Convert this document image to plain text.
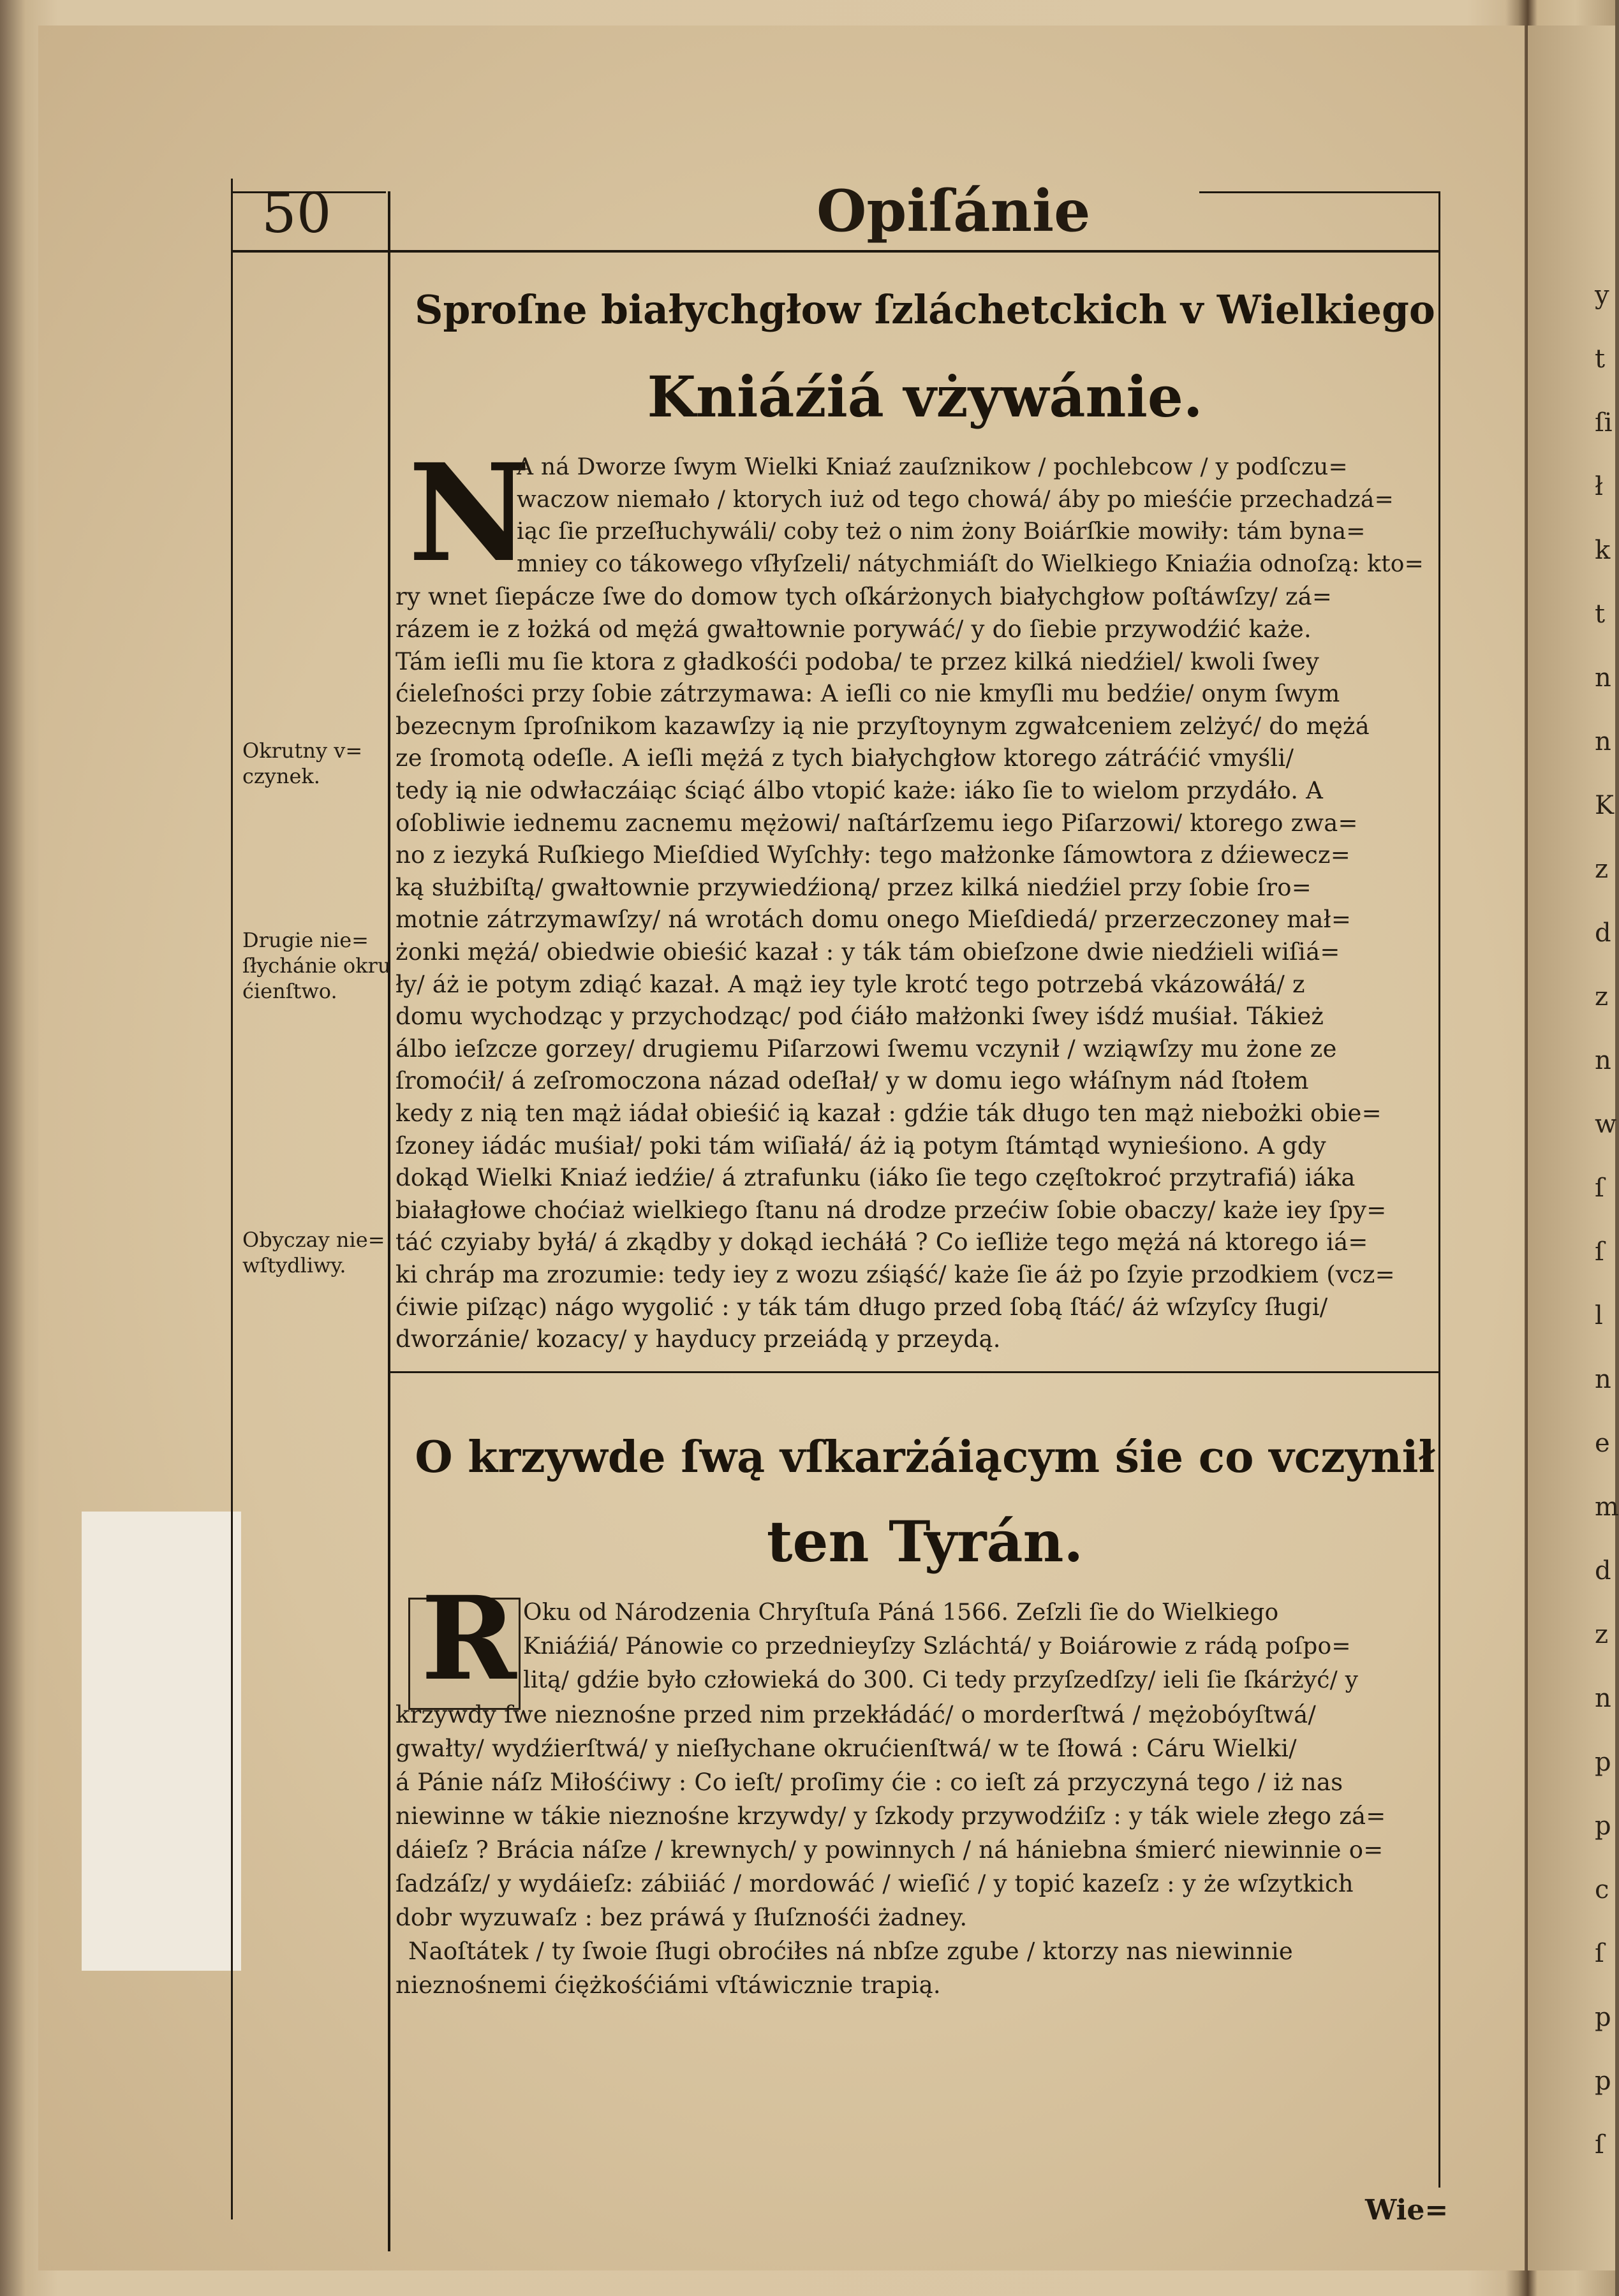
50	Opiſánie
Sproſne białychgłow ſzláchetckich v Wielkiego
Kniáźiá vżywánie.
N
A ná Dworze ſwym Wielki Kniaź zauſznikow / pochlebcow / y podſczu=
waczow niemało / ktorych iuż od tego chowá/ áby po mieśćie przechadzá=
iąc ſie przeſłuchywáli/ coby też o nim żony Boiárſkie mowiły: tám byna=
mniey co tákowego vſłyſzeli/ nátychmiáſt do Wielkiego Kniaźia odnoſzą: kto=
ry wnet ſiepácze ſwe do domow tych oſkárżonych białychgłow poſtáwſzy/ zá=
rázem ie z łożká od mężá gwałtownie porywáć/ y do ſiebie przywodźić każe.
Tám ieſli mu ſie ktora z gładkośći podoba/ te przez kilká niedźiel/ kwoli ſwey
ćieleſności przy ſobie zátrzymawa: A ieſli co nie kmyſli mu bedźie/ onym ſwym
bezecnym ſproſnikom kazawſzy ią nie przyſtoynym zgwałceniem zelżyć/ do mężá
ze ſromotą odeſle. A ieſli mężá z tych białychgłow ktorego zátráćić vmyśli/
tedy ią nie odwłaczáiąc ściąć álbo vtopić każe: iáko ſie to wielom przydáło. A
oſobliwie iednemu zacnemu mężowi/ naſtárſzemu iego Piſarzowi/ ktorego zwa=
no z iezyká Ruſkiego Mieſdied Wyſchły: tego małżonke ſámowtora z dźiewecz=
ką służbiſtą/ gwałtownie przywiedźioną/ przez kilká niedźiel przy ſobie ſro=
motnie zátrzymawſzy/ ná wrotách domu onego Mieſdiedá/ przerzeczoney mał=
żonki mężá/ obiedwie obieśić kazał : y ták tám obieſzone dwie niedźieli wiſiá=
ły/ áż ie potym zdiąć kazał. A mąż iey tyle krotć tego potrzebá vkázowáłá/ z
domu wychodząc y przychodząc/ pod ćiáło małżonki ſwey iśdź muśiał. Tákież
álbo ieſzcze gorzey/ drugiemu Piſarzowi ſwemu vczynił / wziąwſzy mu żone ze
ſromoćił/ á zeſromoczona názad odeſłał/ y w domu iego włáſnym nád ſtołem
kedy z nią ten mąż iádał obieśić ią kazał : gdźie ták długo ten mąż niebożki obie=
ſzoney iádác muśiał/ poki tám wiſiałá/ áż ią potym ſtámtąd wynieśiono. A gdy
dokąd Wielki Kniaź iedźie/ á ztrafunku (iáko ſie tego częſtokroć przytrafiá) iáka
białagłowe choćiaż wielkiego ſtanu ná drodze przećiw ſobie obaczy/ każe iey ſpy=
táć czyiaby byłá/ á zkądby y dokąd iecháłá ? Co ieſliże tego mężá ná ktorego iá=
ki chráp ma zrozumie: tedy iey z wozu zśiąść/ każe ſie áż po ſzyie przodkiem (vcz=
ćiwie piſząc) nágo wygolić : y ták tám długo przed ſobą ſtáć/ áż wſzyſcy ſługi/
dworzánie/ kozacy/ y hayducy przeiádą y przeydą.
Okrutny v=
czynek.
Drugie nie=
ſłychánie okru
ćienſtwo.
Obyczay nie=
wſtydliwy.
O krzywde ſwą vſkarżáiącym śie co vczynił
ten Tyrán.
R Oku od Národzenia Chryſtuſa Páná 1566. Zeſzli ſie do Wielkiego
Kniáźiá/ Pánowie co przednieyſzy Szláchtá/ y Boiárowie z rádą poſpo=
litą/ gdźie było człowieká do 300. Ci tedy przyſzedſzy/ ieli ſie ſkárżyć/ y
krzywdy ſwe nieznośne przed nim przekłádáć/ o morderſtwá / mężobóyſtwá/
gwałty/ wydźierſtwá/ y nieſłychane okrućienſtwá/ w te ſłowá : Cáru Wielki/
á Pánie náſz Miłośćiwy : Co ieſt/ proſimy ćie : co ieſt zá przyczyná tego / iż nas
niewinne w tákie nieznośne krzywdy/ y ſzkody przywodźiſz : y ták wiele złego zá=
dáieſz ? Brácia náſze / krewnych/ y powinnych / ná hániebna śmierć niewinnie o=
ſadzáſz/ y wydáieſz: zábiiáć / mordowáć / wieſić / y topić kazeſz : y że wſzytkich
dobr wyzuwaſz : bez práwá y ſłuſznośći żadney.
Naoſtátek / ty ſwoie ſługi obroćiłes ná nbſze zgube / ktorzy nas niewinnie
nieznośnemi ćiężkośćiámi vſtáwicznie trapią.
Wie=
y
t
ſi
ł
k
t
n
n
K
z
d
z
n
w
ſ
ſ
l
n
e
m
d
z
n
p
p
c
ſ
p
p
ſ
